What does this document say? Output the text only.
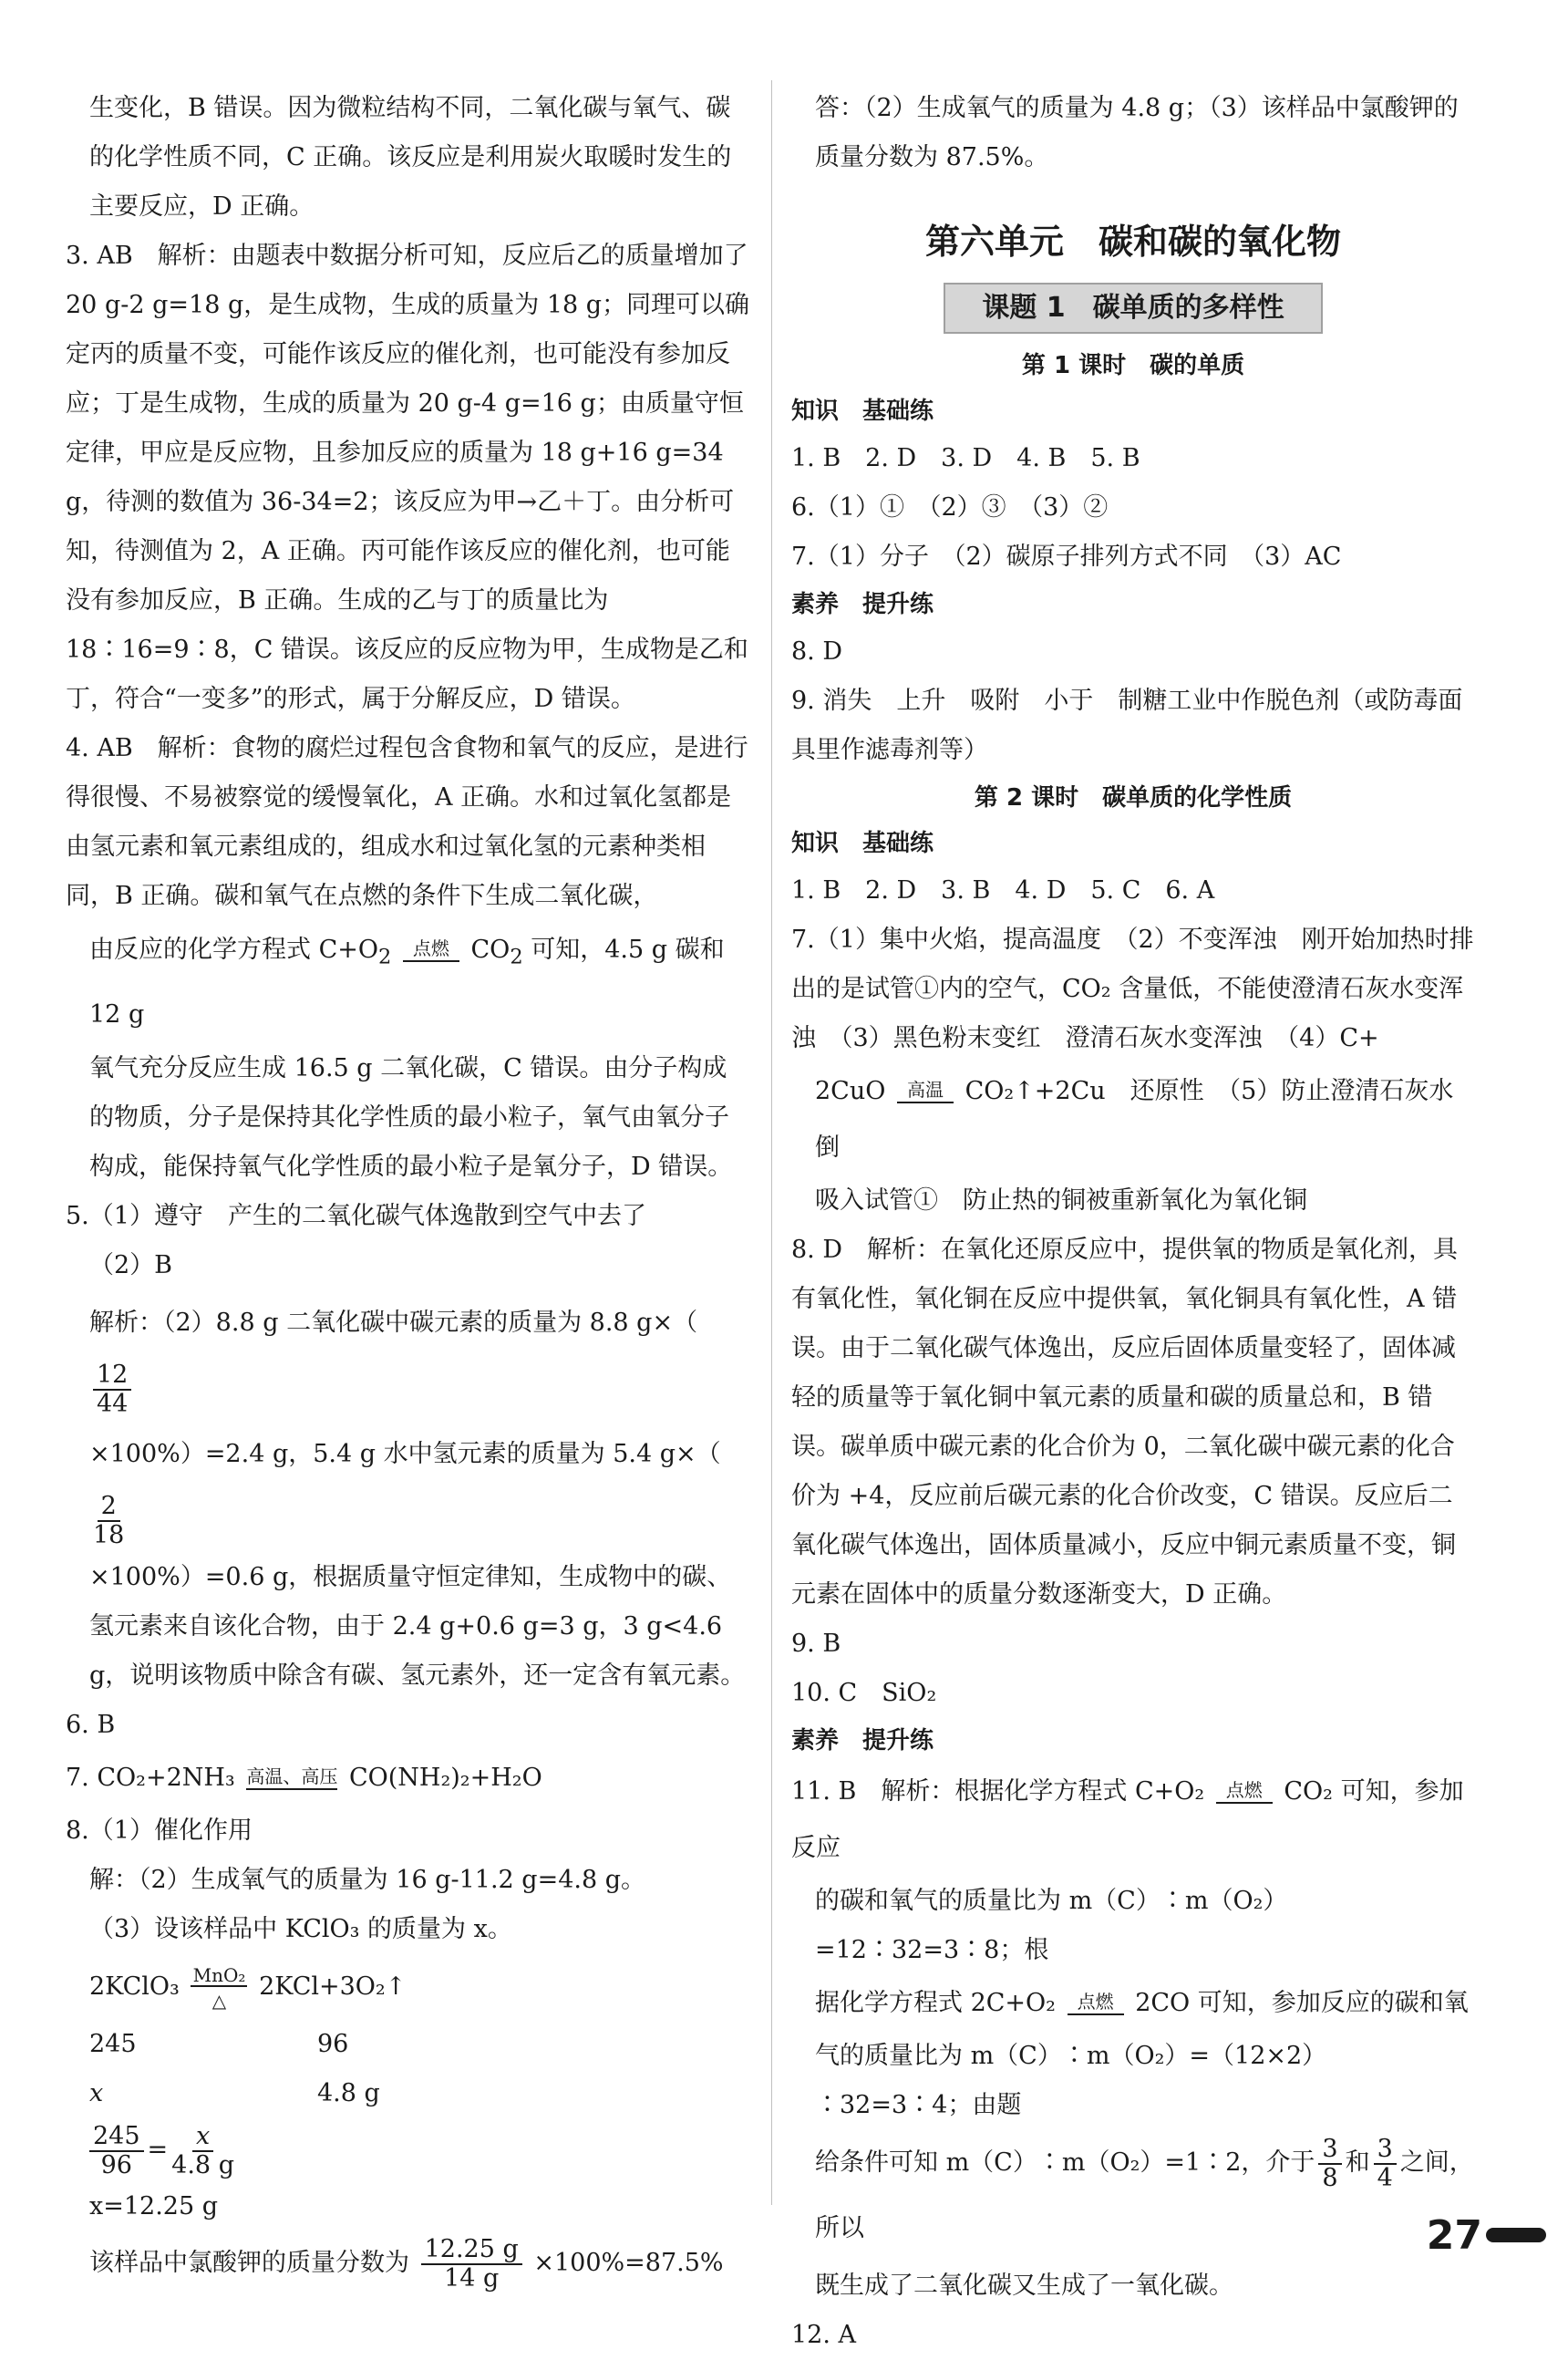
生变化，B 错误。因为微粒结构不同，二氧化碳与氧气、碳的化学性质不同，C 正确。该反应是利用炭火取暖时发生的主要反应，D 正确。

3. AB　解析：由题表中数据分析可知，反应后乙的质量增加了 20 g-2 g=18 g，是生成物，生成的质量为 18 g；同理可以确定丙的质量不变，可能作该反应的催化剂，也可能没有参加反应；丁是生成物，生成的质量为 20 g-4 g=16 g；由质量守恒定律，甲应是反应物，且参加反应的质量为 18 g+16 g=34 g，待测的数值为 36-34=2；该反应为甲→乙＋丁。由分析可知，待测值为 2，A 正确。丙可能作该反应的催化剂，也可能没有参加反应，B 正确。生成的乙与丁的质量比为 18∶16=9∶8，C 错误。该反应的反应物为甲，生成物是乙和丁，符合“一变多”的形式，属于分解反应，D 错误。

4. AB　解析：食物的腐烂过程包含食物和氧气的反应，是进行得很慢、不易被察觉的缓慢氧化，A 正确。水和过氧化氢都是由氢元素和氧元素组成的，组成水和过氧化氢的元素种类相同，B 正确。碳和氧气在点燃的条件下生成二氧化碳，

由反应的化学方程式 $C+O_2$ 点燃 $CO_2$ 可知，4.5 g 碳和 12 g

氧气充分反应生成 16.5 g 二氧化碳，C 错误。由分子构成的物质，分子是保持其化学性质的最小粒子，氧气由氧分子构成，能保持氧气化学性质的最小粒子是氧分子，D 错误。

5.（1）遵守　产生的二氧化碳气体逸散到空气中去了

（2）B

解析：（2）8.8 g 二氧化碳中碳元素的质量为 8.8 g×（
$\frac{12}{44}$

×100%）=2.4 g，5.4 g 水中氢元素的质量为 5.4 g×（
$\frac{2}{18}$

×100%）=0.6 g，根据质量守恒定律知，生成物中的碳、氢元素来自该化合物，由于 2.4 g+0.6 g=3 g，3 g<4.6 g，说明该物质中除含有碳、氢元素外，还一定含有氧元素。

6. B

7. CO₂+2NH₃ 高温、高压 CO(NH₂)₂+H₂O

8.（1）催化作用

解：（2）生成氧气的质量为 16 g-11.2 g=4.8 g。

（3）设该样品中 KClO₃ 的质量为 x。

2KClO₃ MnO₂
△ 2KCl+3O₂↑

245	96
x	4.8 g

$\frac{245}{96} = \frac{x}{4.8 g}$

x=12.25 g

该样品中氯酸钾的质量分数为 $\frac{12.25 g}{14 g} \times 100\%=87.5\%$

答：（2）生成氧气的质量为 4.8 g；（3）该样品中氯酸钾的质量分数为 87.5%。

第六单元　碳和碳的氧化物
课题 1　碳单质的多样性
第 1 课时　碳的单质
知识　基础练

1. B　2. D　3. D　4. B　5. B

6.（1）①　（2）③　（3）②

7.（1）分子　（2）碳原子排列方式不同　（3）AC

素养　提升练

8. D

9. 消失　上升　吸附　小于　制糖工业中作脱色剂（或防毒面具里作滤毒剂等）

第 2 课时　碳单质的化学性质
知识　基础练

1. B　2. D　3. B　4. D　5. C　6. A

7.（1）集中火焰，提高温度　（2）不变浑浊　刚开始加热时排出的是试管①内的空气，CO₂ 含量低，不能使澄清石灰水变浑浊　（3）黑色粉末变红　澄清石灰水变浑浊　（4）C+

2CuO 高温 CO₂↑+2Cu　还原性　（5）防止澄清石灰水倒

吸入试管①　防止热的铜被重新氧化为氧化铜

8. D　解析：在氧化还原反应中，提供氧的物质是氧化剂，具有氧化性，氧化铜在反应中提供氧，氧化铜具有氧化性，A 错误。由于二氧化碳气体逸出，反应后固体质量变轻了，固体减轻的质量等于氧化铜中氧元素的质量和碳的质量总和，B 错误。碳单质中碳元素的化合价为 0，二氧化碳中碳元素的化合价为 +4，反应前后碳元素的化合价改变，C 错误。反应后二氧化碳气体逸出，固体质量减小，反应中铜元素质量不变，铜元素在固体中的质量分数逐渐变大，D 正确。

9. B

10. C　SiO₂

素养　提升练

11. B　解析：根据化学方程式 C+O₂ 点燃 CO₂ 可知，参加反应

的碳和氧气的质量比为 m（C）∶m（O₂）=12∶32=3∶8；根

据化学方程式 2C+O₂ 点燃 2CO 可知，参加反应的碳和氧

气的质量比为 m（C）∶m（O₂）=（12×2）∶32=3∶4；由题

给条件可知 m（C）∶m（O₂）=1∶2，介于 $\frac{3}{8}$ 和 $\frac{3}{4}$ 之间，所以

既生成了二氧化碳又生成了一氧化碳。

12. A

27
